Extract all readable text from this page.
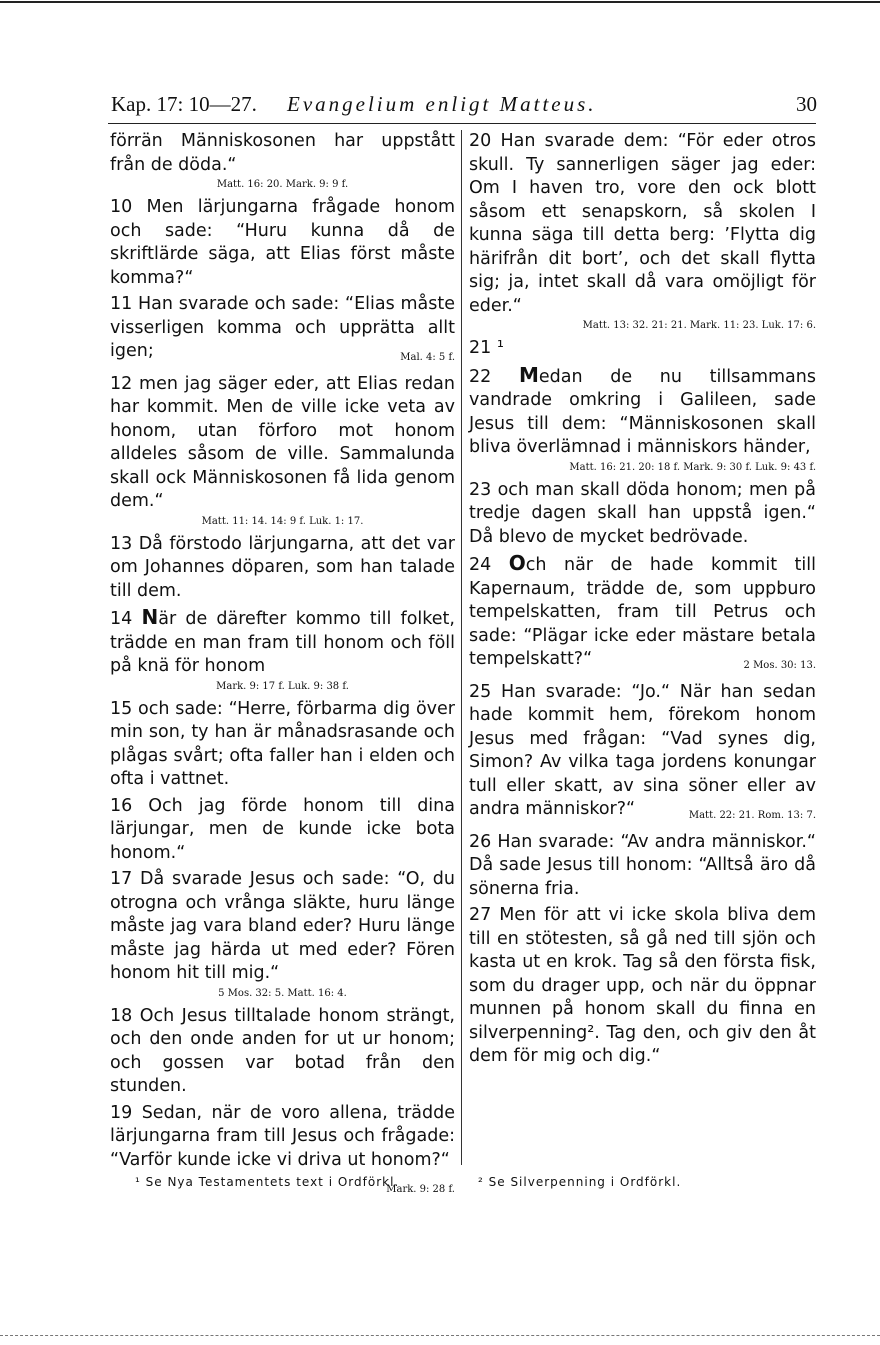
Kap. 17: 10—27. Evangelium enligt Matteus.	30

förrän Människosonen har uppstått från de döda.“

Matt. 16: 20. Mark. 9: 9 f.

10 Men lärjungarna frågade honom och sade: “Huru kunna då de skriftlärde säga, att Elias först måste komma?“

11 Han svarade och sade: “Elias måste visserligen komma och upprätta allt igen;	Mal. 4: 5 f.

12 men jag säger eder, att Elias redan har kommit. Men de ville icke veta av honom, utan förforo mot honom alldeles såsom de ville. Sammalunda skall ock Människosonen få lida genom dem.“

Matt. 11: 14. 14: 9 f. Luk. 1: 17.

13 Då förstodo lärjungarna, att det var om Johannes döparen, som han talade till dem.

14 När de därefter kommo till folket, trädde en man fram till honom och föll på knä för honom

Mark. 9: 17 f. Luk. 9: 38 f.

15 och sade: “Herre, förbarma dig över min son, ty han är månadsrasande och plågas svårt; ofta faller han i elden och ofta i vattnet.

16 Och jag förde honom till dina lärjungar, men de kunde icke bota honom.“

17 Då svarade Jesus och sade: “O, du otrogna och vrånga släkte, huru länge måste jag vara bland eder? Huru länge måste jag härda ut med eder? Fören honom hit till mig.“

5 Mos. 32: 5. Matt. 16: 4.

18 Och Jesus tilltalade honom strängt, och den onde anden for ut ur honom; och gossen var botad från den stunden.

19 Sedan, när de voro allena, trädde lärjungarna fram till Jesus och frågade: “Varför kunde icke vi driva ut honom?“
Mark. 9: 28 f.

20 Han svarade dem: “För eder otros skull. Ty sannerligen säger jag eder: Om I haven tro, vore den ock blott såsom ett senapskorn, så skolen I kunna säga till detta berg: ’Flytta dig härifrån dit bort’, och det skall flytta sig; ja, intet skall då vara omöjligt för eder.“

Matt. 13: 32. 21: 21. Mark. 11: 23. Luk. 17: 6.

21 ¹

22 Medan de nu tillsammans vandrade omkring i Galileen, sade Jesus till dem: “Människosonen skall bliva överlämnad i människors händer,

Matt. 16: 21. 20: 18 f. Mark. 9: 30 f. Luk. 9: 43 f.

23 och man skall döda honom; men på tredje dagen skall han uppstå igen.“ Då blevo de mycket bedrövade.

24 Och när de hade kommit till Kapernaum, trädde de, som uppburo tempelskatten, fram till Petrus och sade: “Plägar icke eder mästare betala tempelskatt?“	2 Mos. 30: 13.

25 Han svarade: “Jo.“ När han sedan hade kommit hem, förekom honom Jesus med frågan: “Vad synes dig, Simon? Av vilka taga jordens konungar tull eller skatt, av sina söner eller av andra människor?“	Matt. 22: 21. Rom. 13: 7.

26 Han svarade: “Av andra människor.“ Då sade Jesus till honom: “Alltså äro då sönerna fria.

27 Men för att vi icke skola bliva dem till en stötesten, så gå ned till sjön och kasta ut en krok. Tag så den första fisk, som du drager upp, och när du öppnar munnen på honom skall du finna en silverpenning². Tag den, och giv den åt dem för mig och dig.“

¹ Se Nya Testamentets text i Ordförkl.	² Se Silverpenning i Ordförkl.
